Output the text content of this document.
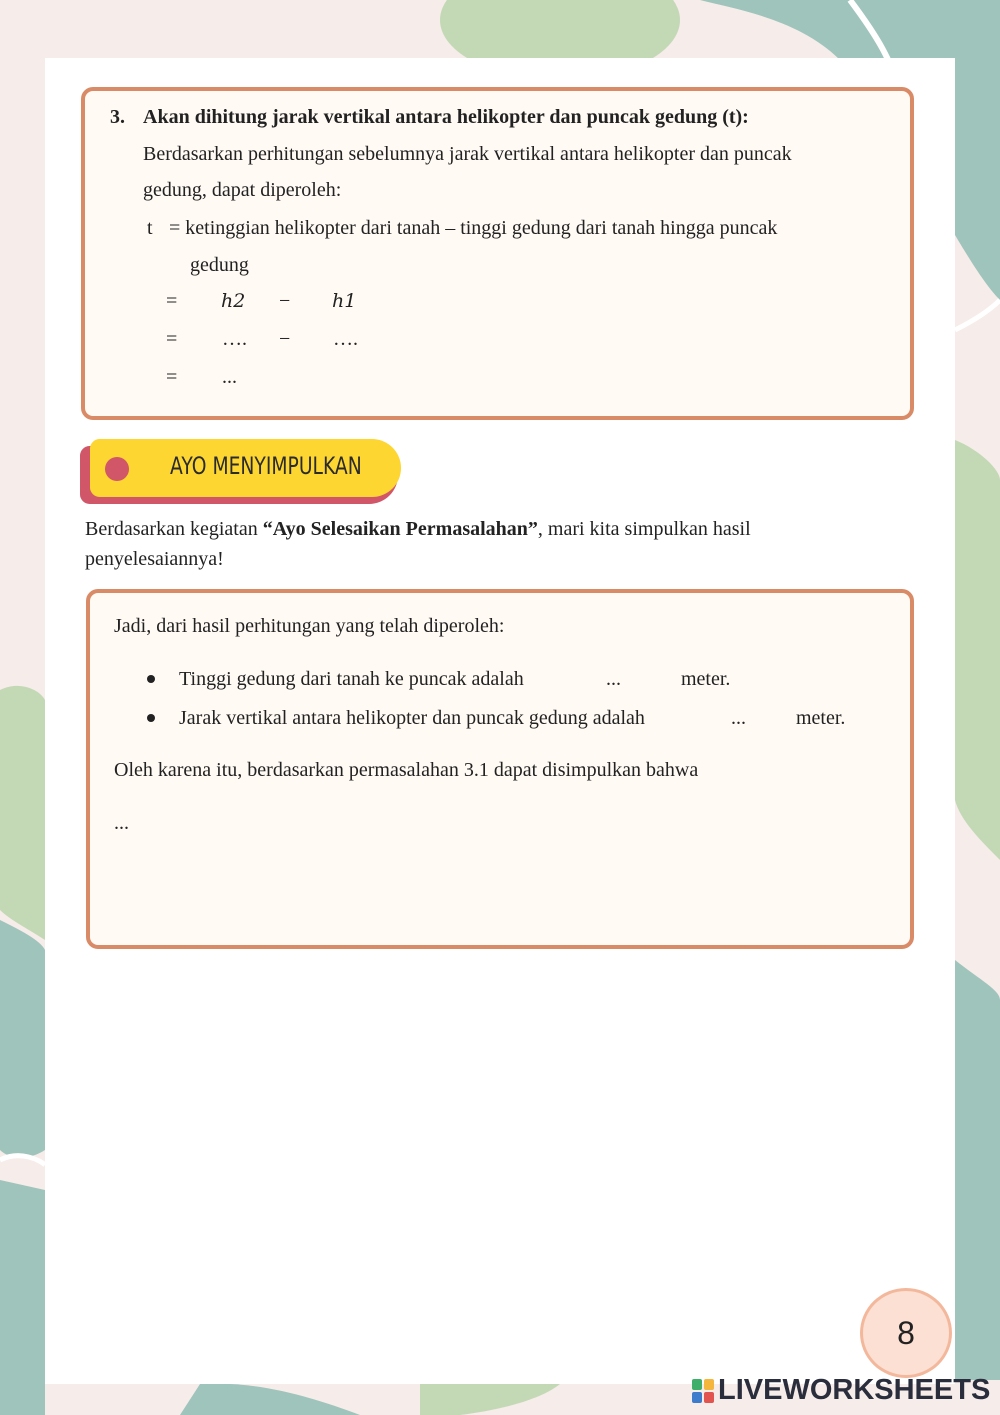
3. Akan dihitung jarak vertikal antara helikopter dan puncak gedung (t):
Berdasarkan perhitungan sebelumnya jarak vertikal antara helikopter dan puncak
gedung, dapat diperoleh:
t = ketinggian helikopter dari tanah – tinggi gedung dari tanah hingga puncak
gedung
= h2 − h1
= …. − ….
= ...
AYO MENYIMPULKAN
Berdasarkan kegiatan “Ayo Selesaikan Permasalahan”, mari kita simpulkan hasil
penyelesaiannya!
Jadi, dari hasil perhitungan yang telah diperoleh:
Tinggi gedung dari tanah ke puncak adalah	...	meter.
Jarak vertikal antara helikopter dan puncak gedung adalah	...	meter.
Oleh karena itu, berdasarkan permasalahan 3.1 dapat disimpulkan bahwa
...
8
LIVEWORKSHEETS
